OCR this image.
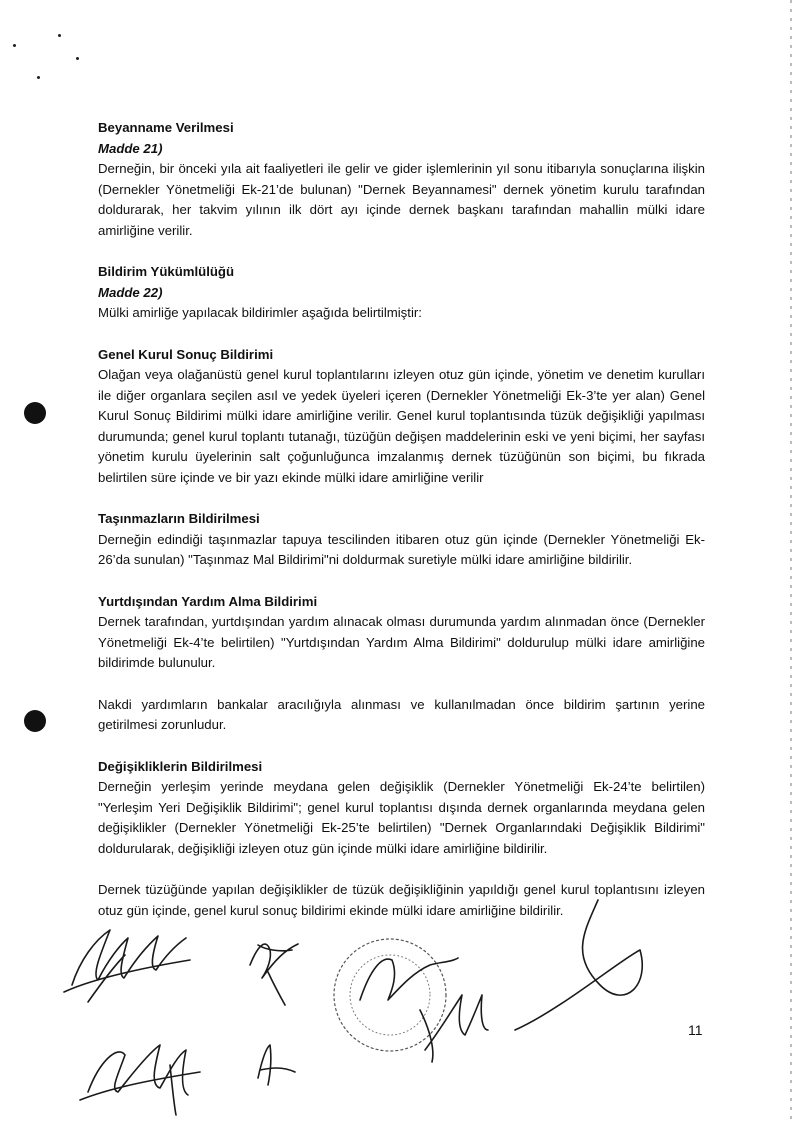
Beyanname Verilmesi

Madde 21)

Derneğin, bir önceki yıla ait faaliyetleri ile gelir ve gider işlemlerinin yıl sonu itibarıyla sonuçlarına ilişkin (Dernekler Yönetmeliği Ek-21’de bulunan) "Dernek Beyannamesi" dernek yönetim kurulu tarafından doldurarak, her takvim yılının ilk dört ayı içinde dernek başkanı tarafından mahallin mülki idare amirliğine verilir.

Bildirim Yükümlülüğü

Madde 22)

Mülki amirliğe yapılacak bildirimler aşağıda belirtilmiştir:

Genel Kurul Sonuç Bildirimi

Olağan veya olağanüstü genel kurul toplantılarını izleyen otuz gün içinde, yönetim ve denetim kurulları ile diğer organlara seçilen asıl ve yedek üyeleri içeren (Dernekler Yönetmeliği Ek-3’te yer alan) Genel Kurul Sonuç Bildirimi mülki idare amirliğine verilir. Genel kurul toplantısında tüzük değişikliği yapılması durumunda; genel kurul toplantı tutanağı, tüzüğün değişen maddelerinin eski ve yeni biçimi, her sayfası yönetim kurulu üyelerinin salt çoğunluğunca imzalanmış dernek tüzüğünün son biçimi, bu fıkrada belirtilen süre içinde ve bir yazı ekinde mülki idare amirliğine verilir

Taşınmazların Bildirilmesi

Derneğin edindiği taşınmazlar tapuya tescilinden itibaren otuz gün içinde (Dernekler Yönetmeliği Ek-26’da sunulan) "Taşınmaz Mal Bildirimi"ni doldurmak suretiyle mülki idare amirliğine bildirilir.

Yurtdışından Yardım Alma Bildirimi

Dernek tarafından, yurtdışından yardım alınacak olması durumunda yardım alınmadan önce (Dernekler Yönetmeliği Ek-4’te belirtilen) "Yurtdışından Yardım Alma Bildirimi" doldurulup mülki idare amirliğine bildirimde bulunulur.

Nakdi yardımların bankalar aracılığıyla alınması ve kullanılmadan önce bildirim şartının yerine getirilmesi zorunludur.

Değişikliklerin Bildirilmesi

Derneğin yerleşim yerinde meydana gelen değişiklik (Dernekler Yönetmeliği Ek-24’te belirtilen) "Yerleşim Yeri Değişiklik Bildirimi"; genel kurul toplantısı dışında dernek organlarında meydana gelen değişiklikler (Dernekler Yönetmeliği Ek-25’te belirtilen) "Dernek Organlarındaki Değişiklik Bildirimi" doldurularak, değişikliği izleyen otuz gün içinde mülki idare amirliğine bildirilir.

Dernek tüzüğünde yapılan değişiklikler de tüzük değişikliğinin yapıldığı genel kurul toplantısını izleyen otuz gün içinde, genel kurul sonuç bildirimi ekinde mülki idare amirliğine bildirilir.

11
